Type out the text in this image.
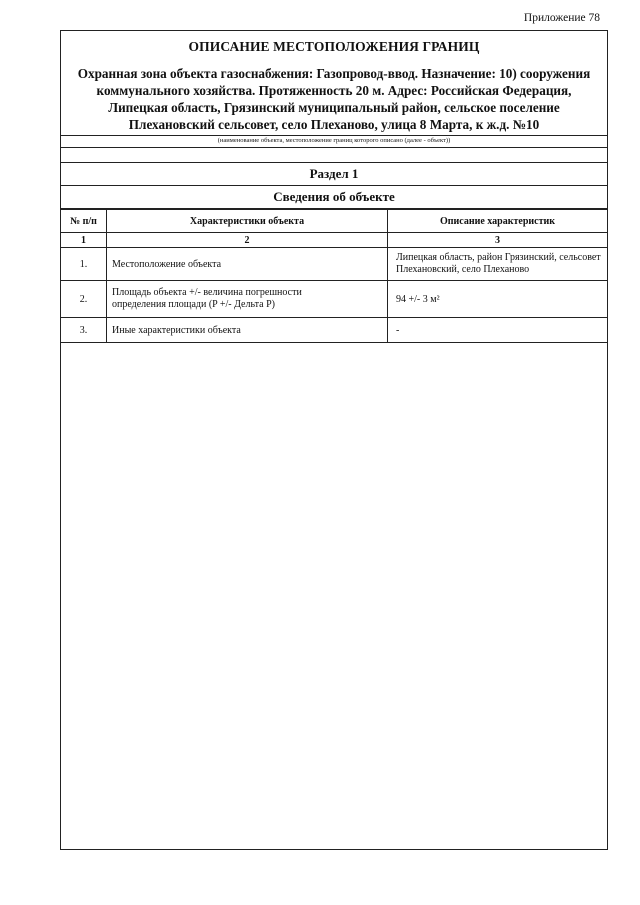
Приложение 78
ОПИСАНИЕ МЕСТОПОЛОЖЕНИЯ ГРАНИЦ
Охранная зона объекта газоснабжения: Газопровод-ввод. Назначение: 10) сооружения коммунального хозяйства. Протяженность 20 м. Адрес: Российская Федерация, Липецкая область, Грязинский муниципальный район, сельское поселение Плехановский сельсовет, село Плеханово, улица 8 Марта, к ж.д. №10
(наименование объекта, местоположение границ которого описано (далее - объект))
Раздел 1
Сведения об объекте
№ п/п	Характеристики объекта	Описание характеристик
1	2	3
1.	Местоположение объекта	Липецкая область, район Грязинский, сельсовет Плехановский, село Плеханово
2.	Площадь объекта +/- величина погрешности определения площади (P +/- Дельта P)	94 +/- 3 м²
3.	Иные характеристики объекта	-
